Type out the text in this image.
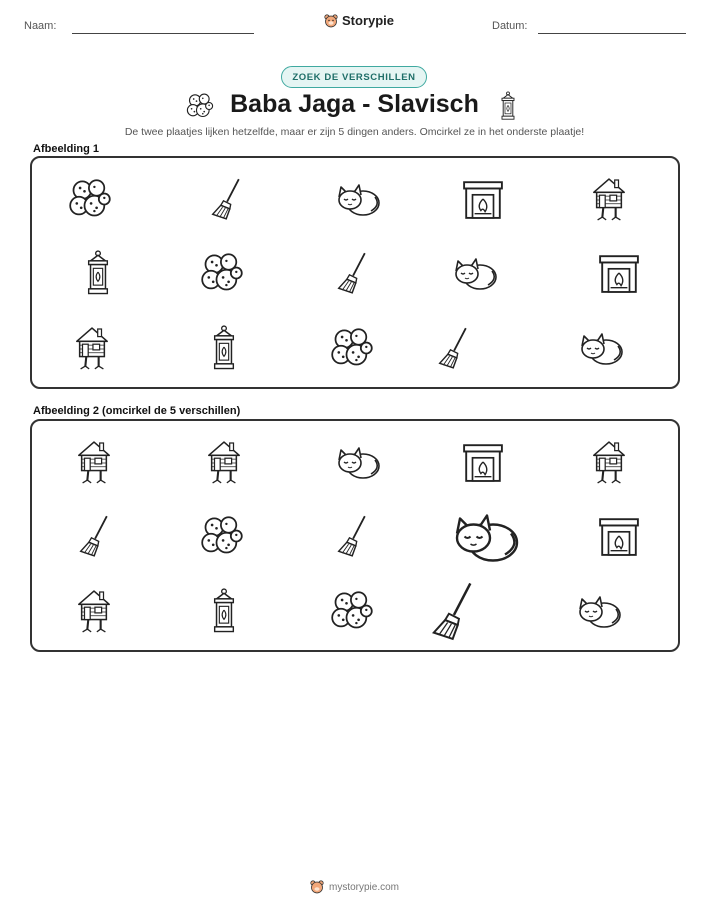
Naam:	Storypie	Datum:
ZOEK DE VERSCHILLEN
Baba Jaga - Slavisch
De twee plaatjes lijken hetzelfde, maar er zijn 5 dingen anders. Omcirkel ze in het onderste plaatje!
Afbeelding 1
Afbeelding 2 (omcirkel de 5 verschillen)
mystorypie.com
